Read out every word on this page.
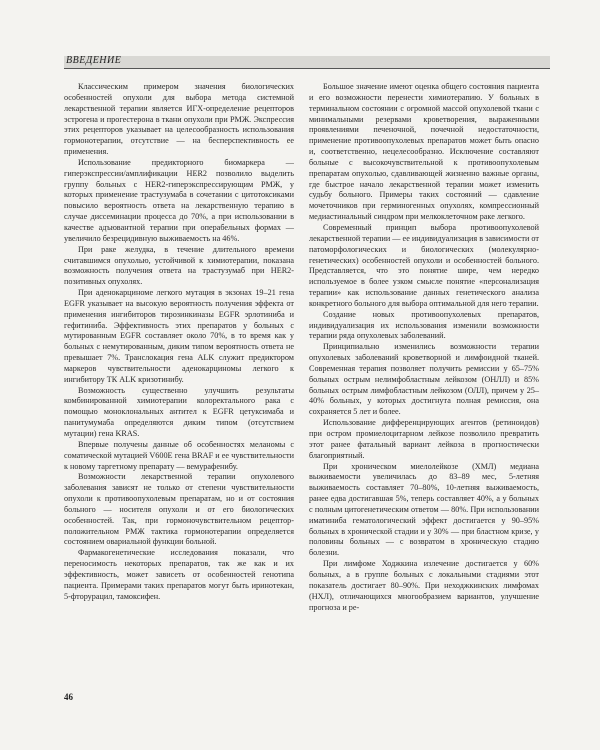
ВВЕДЕНИЕ

Классическим примером значения биологических особенностей опухоли для выбора метода системной лекарственной терапии является ИГХ-определение рецепторов эстрогена и прогестерона в ткани опухоли при РМЖ. Экспрессия этих рецепторов указывает на целесообразность использования гормонотерапии, отсутствие — на бесперспективность ее применения.

Использование предикторного биомаркера — гиперэкспрессии/амплификации HER2 позволило выделить группу больных с HER2-гиперэкспрессирующим РМЖ, у которых применение трастузумаба в сочетании с цитотоксиками повысило вероятность ответа на лекарственную терапию в случае диссеминации процесса до 70%, а при использовании в качестве адъювантной терапии при операбельных формах — увеличило безрецидивную выживаемость на 46%.

При раке желудка, в течение длительного времени считавшимся опухолью, устойчивой к химиотерапии, показана возможность получения ответа на трастузумаб при HER2-позитивных опухолях.

При аденокарциноме легкого мутация в экзонах 19–21 гена EGFR указывает на высокую вероятность получения эффекта от применения ингибиторов тирозинкиназы EGFR эрлотиниба и гефитиниба. Эффективность этих препаратов у больных с мутированным EGFR составляет около 70%, в то время как у больных с немутированным, диким типом вероятность ответа не превышает 7%. Транслокация гена ALK служит предиктором маркеров чувствительности аденокарциномы легкого к ингибитору ТК ALK кризотинибу.

Возможность существенно улучшить результаты комбинированной химиотерапии колоректального рака с помощью моноклональных антител к EGFR цетуксимаба и панитумумаба определяются диким типом (отсутствием мутации) гена KRAS.

Впервые получены данные об особенностях меланомы с соматической мутацией V600E гена BRAF и ее чувствительности к новому таргетному препарату — вемурафенибу.

Возможности лекарственной терапии опухолевого заболевания зависят не только от степени чувствительности опухоли к противоопухолевым препаратам, но и от состояния больного — носителя опухоли и от его биологических особенностей. Так, при гормоночувствительном рецептор-положительном РМЖ тактика гормонотерапии определяется состоянием овариальной функции больной.

Фармакогенетические исследования показали, что переносимость некоторых препаратов, так же как и их эффективность, может зависеть от особенностей генотипа пациента. Примерами таких препаратов могут быть иринотекан, 5-фторурацил, тамоксифен.

Большое значение имеют оценка общего состояния пациента и его возможности перенести химиотерапию. У больных в терминальном состоянии с огромной массой опухолевой ткани с минимальными резервами кроветворения, выраженными проявлениями печеночной, почечной недостаточности, применение противоопухолевых препаратов может быть опасно и, соответственно, нецелесообразно. Исключение составляют больные с высокочувствительной к противоопухолевым препаратам опухолью, сдавливающей жизненно важные органы, где быстрое начало лекарственной терапии может изменить судьбу больного. Примеры таких состояний — сдавление мочеточников при герминогенных опухолях, компрессионный медиастинальный синдром при мелкоклеточном раке легкого.

Современный принцип выбора противоопухолевой лекарственной терапии — ее индивидуализация в зависимости от патоморфологических и биологических (молекулярно-генетических) особенностей опухоли и особенностей больного. Представляется, что это понятие шире, чем нередко используемое в более узком смысле понятие «персонализация терапии» как использование данных генетического анализа конкретного больного для выбора оптимальной для него терапии.

Создание новых противоопухолевых препаратов, индивидуализация их использования изменили возможности терапии ряда опухолевых заболеваний.

Принципиально изменились возможности терапии опухолевых заболеваний кроветворной и лимфоидной тканей. Современная терапия позволяет получить ремиссии у 65–75% больных острым нелимфобластным лейкозом (ОНЛЛ) и 85% больных острым лимфобластным лейкозом (ОЛЛ), причем у 25–40% больных, у которых достигнута полная ремиссия, она сохраняется 5 лет и более.

Использование дифференцирующих агентов (ретиноидов) при остром промиелоцитарном лейкозе позволило превратить этот ранее фатальный вариант лейкоза в прогностически благоприятный.

При хроническом миелолейкозе (ХМЛ) медиана выживаемости увеличилась до 83–89 мес, 5-летняя выживаемость составляет 70–80%, 10-летняя выживаемость, ранее едва достигавшая 5%, теперь составляет 40%, а у больных с полным цитогенетическим ответом — 80%. При использовании иматиниба гематологический эффект достигается у 90–95% больных в хронической стадии и у 30% — при бластном кризе, у половины больных — с возвратом в хроническую стадию болезни.

При лимфоме Ходжкина излечение достигается у 60% больных, а в группе больных с локальными стадиями этот показатель достигает 80–90%. При неходжкинских лимфомах (НХЛ), отличающихся многообразием вариантов, улучшение прогноза и ре-

46
